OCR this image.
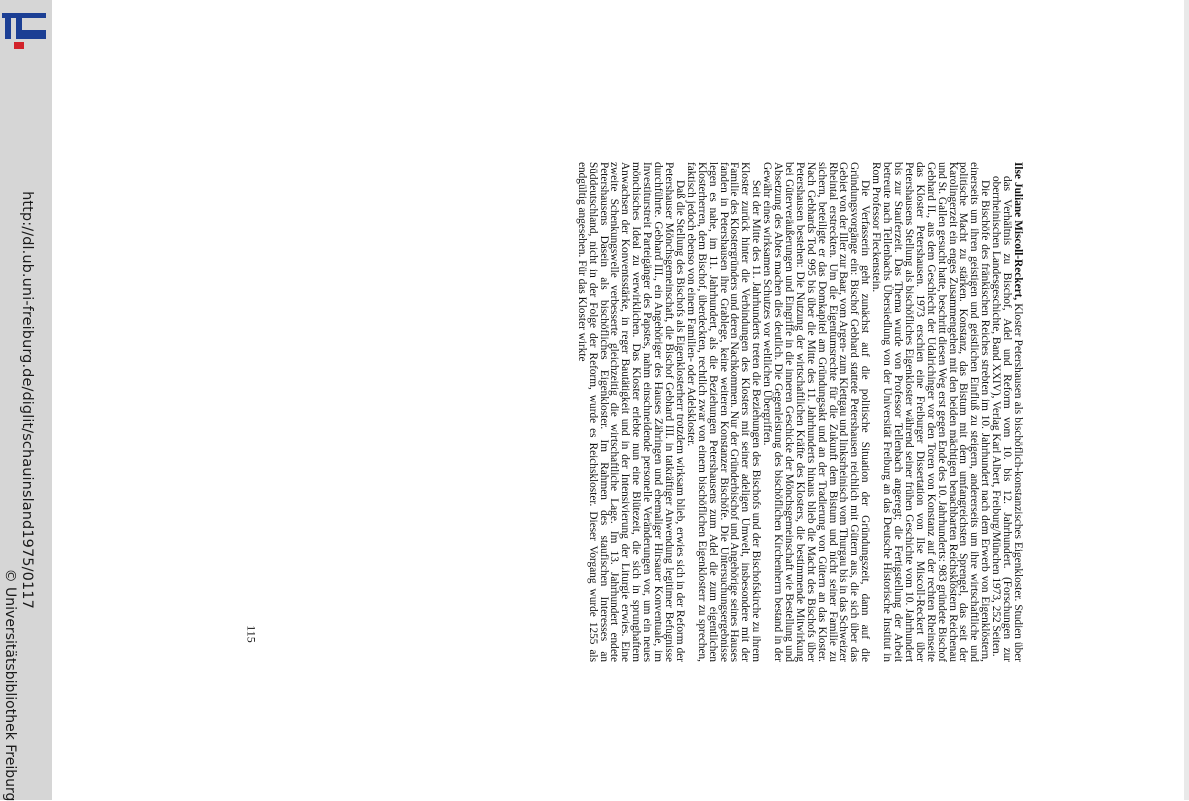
http://dl.ub.uni-freiburg.de/diglit/schauinsland1975/0117
© Universitätsbibliothek Freiburg

Ilse Juliane Miscoll-Reckert, Kloster Petershausen als bischöflich-konstanzisches Eigenkloster. Studien über das Verhältnis zu Bischof, Adel und Reform vom 10. bis 12. Jahrhundert. (Forschungen zur oberrheinischen Landesgeschichte, Band XXIV), Verlag Karl Albert, Freiburg/München 1973, 252 Seiten.

Die Bischöfe des fränkischen Reiches strebten im 10. Jahrhundert nach dem Erwerb von Eigenklöstern, einerseits um ihren geistigen und geistlichen Einfluß zu steigern, andererseits um ihre wirtschaftliche und politische Macht zu stärken. Konstanz, das Bistum mit dem umfangreichsten Sprengel, das seit der Karolingerzeit ein enges Zusammengehen mit den beiden mächtigen benachbarten Reichsklöstern Reichenau und St. Gallen gesucht hatte, beschritt diesen Weg erst gegen Ende des 10. Jahrhunderts: 983 gründete Bischof Gebhard II., aus dem Geschlecht der Udalrichinger vor den Toren von Konstanz auf der rechten Rheinseite das Kloster Petershausen. 1973 erschien eine Freiburger Dissertation von Ilse Miscoll-Reckert über Petershausens Stellung als bischöfliches Eigenkloster während seiner frühen Geschichte vom 10. Jahrhundert bis zur Stauferzeit. Das Thema wurde von Professor Tellenbach angeregt; die Fertigstellung der Arbeit betreute nach Tellenbachs Übersiedlung von der Universität Freiburg an das Deutsche Historische Institut in Rom Professor Fleckenstein.

Die Verfasserin geht zunächst auf die politische Situation der Gründungszeit, dann auf die Gründungsvorgänge ein: Bischof Gebhard stattete Petershausen reichlich mit Gütern aus, die sich über das Gebiet von der Iller zur Baar, vom Argen- zum Klettgau und linksrheinisch vom Thurgau bis in das Schweizer Rheintal erstreckten. Um die Eigentumsrechte für die Zukunft dem Bistum und nicht seiner Familie zu sichern, beteiligte er das Domkapitel am Gründungsakt und an der Tradierung von Gütern an das Kloster. Nach Gebhards Tod 995 bis über die Mitte des 11. Jahrhunderts hinaus blieb die Macht des Bischofs über Petershausen bestehen: Die Nutzung der wirtschaftlichen Kräfte des Klosters, die bestimmende Mitwirkung bei Güterveräußerungen und Eingriffe in die inneren Geschicke der Mönchsgemeinschaft wie Bestellung und Absetzung des Abtes machen dies deutlich. Die Gegenleistung des bischöflichen Kirchenherrn bestand in der Gewähr eines wirksamen Schutzes vor weltlichen Übergriffen.

Seit der Mitte des 11. Jahrhunderts treten die Beziehungen des Bischofs und der Bischofskirche zu ihrem Kloster zurück hinter die Verbindungen des Klosters mit seiner adeligen Umwelt, insbesondere mit der Familie des Klostergründers und deren Nachkommen. Nur der Gründerbischof und Angehörige seines Hauses fanden in Petershausen ihre Grablege, keine weiteren Konstanzer Bischöfe. Die Untersuchungsergebnisse legen es nahe, im 11. Jahrhundert, als die Beziehungen Petershausens zum Adel die zum eigentlichen Klosterherren, dem Bischof, überdeckten, rechtlich zwar von einem bischöflichen Eigenklosterr zu sprechen, faktisch jedoch ebenso von einem Familien- oder Adelskloster.

Daß die Stellung des Bischofs als Eigenklosterherr trotzdem wirksam blieb, erwies sich in der Reform der Petershauser Mönchsgemeinschaft, die Bischof Gebhard III. in tatkräftiger Anwendung legitimer Befugnisse durchführte. Gebhard III., ein Angehöriger des Hauses Zähringen und ehemaliger Hirsauer Konventuale, im Investiturstreit Parteigänger des Papstes, nahm einschneidende personelle Veränderungen vor, um ein neues mönchisches Ideal zu verwirklichen. Das Kloster erlebte nun eine Blütezeit, die sich in sprunghaftem Anwachsen der Konventsstärke, in reger Bautätigkeit und in der Intensivierung der Liturgie erwies. Eine zweite Schenkungswelle verbesserte gleichzeitig die wirtschaftliche Lage. Im 13. Jahrhundert endete Petershausens Dasein als bischöfliches Eigenkloster. Im Rahmen des staufischen Interesses an Süddeutschland, nicht in der Folge der Reform, wurde es Reichskloster. Dieser Vorgang wurde 1255 als endgültig angesehen. Für das Kloster wirkte

115
